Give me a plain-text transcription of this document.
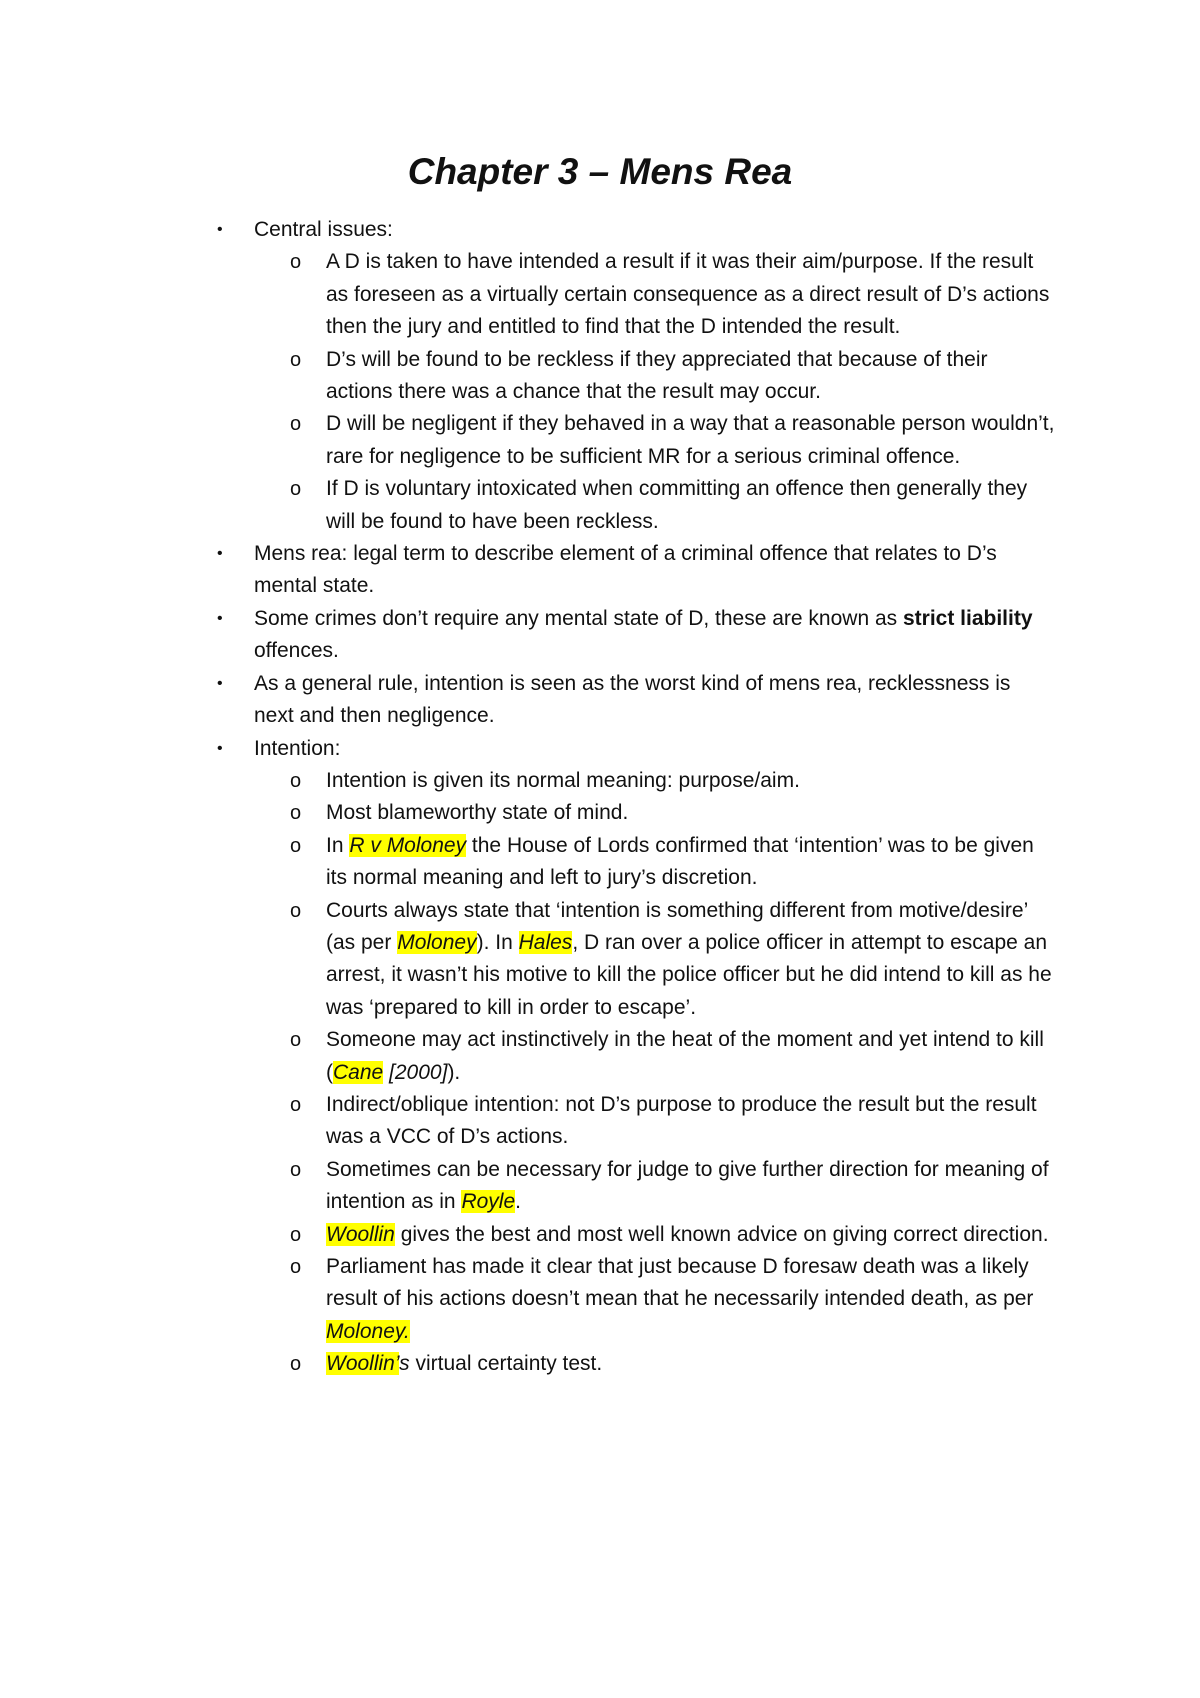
Chapter 3 – Mens Rea
•	Central issues:
o A D is taken to have intended a result if it was their aim/purpose. If the result as foreseen as a virtually certain consequence as a direct result of D’s actions then the jury and entitled to find that the D intended the result.
o D’s will be found to be reckless if they appreciated that because of their actions there was a chance that the result may occur.
o D will be negligent if they behaved in a way that a reasonable person wouldn’t, rare for negligence to be sufficient MR for a serious criminal offence.
o If D is voluntary intoxicated when committing an offence then generally they will be found to have been reckless.
•	Mens rea: legal term to describe element of a criminal offence that relates to D’s mental state.
•	Some crimes don’t require any mental state of D, these are known as strict liability offences.
•	As a general rule, intention is seen as the worst kind of mens rea, recklessness is next and then negligence.
•	Intention:
o Intention is given its normal meaning: purpose/aim.
o Most blameworthy state of mind.
o In R v Moloney the House of Lords confirmed that ‘intention’ was to be given its normal meaning and left to jury’s discretion.
o Courts always state that ‘intention is something different from motive/desire’ (as per Moloney). In Hales, D ran over a police officer in attempt to escape an arrest, it wasn’t his motive to kill the police officer but he did intend to kill as he was ‘prepared to kill in order to escape’.
o Someone may act instinctively in the heat of the moment and yet intend to kill (Cane [2000]).
o Indirect/oblique intention: not D’s purpose to produce the result but the result was a VCC of D’s actions.
o Sometimes can be necessary for judge to give further direction for meaning of intention as in Royle.
o Woollin gives the best and most well known advice on giving correct direction.
o Parliament has made it clear that just because D foresaw death was a likely result of his actions doesn’t mean that he necessarily intended death, as per Moloney.
o Woollin’s virtual certainty test.
